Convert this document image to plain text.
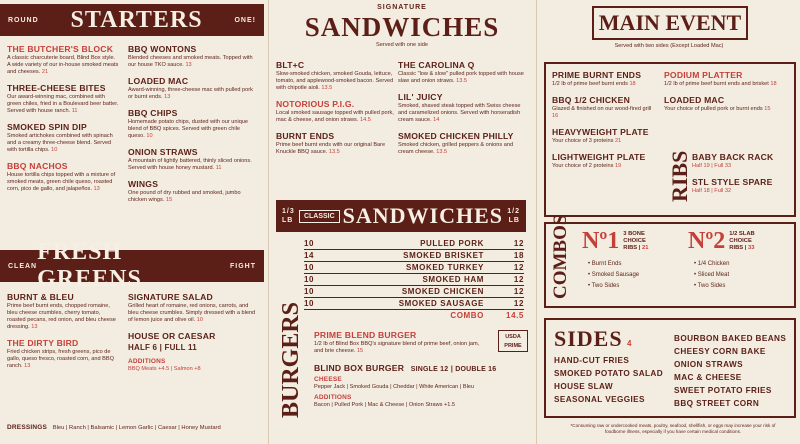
ROUND STARTERS	ONE!
THE BUTCHER'S BLOCK
A classic charcuterie board, Blind Box style. A wide variety of our in-house smoked meats and cheeses. 21
THREE-CHEESE BITES
Our award-winning mac, combined with green chiles, fried in a Boulevard beer batter. Served with house ranch. 11
SMOKED SPIN DIP
Smoked artichokes combined with spinach and a creamy three-cheese blend. Served with tortilla chips. 10
BBQ NACHOS
House tortilla chips topped with a mixture of smoked meats, green chile queso, roasted corn, pico de gallo, and jalapeños. 13
BBQ WONTONS
Blended cheeses and smoked meats. Topped with our house TKO sauce. 13
LOADED MAC
Award-winning, three-cheese mac with pulled pork or burnt ends. 13
BBQ CHIPS
Homemade potato chips, dusted with our unique blend of BBQ spices. Served with green chile queso. 10
ONION STRAWS
A mountain of lightly battered, thinly sliced onions. Served with house honey mustard. 11
WINGS
One pound of dry rubbed and smoked, jumbo chicken wings. 15
CLEAN
FRESH GREENS	FIGHT
BURNT & BLEU
Prime beef burnt ends, chopped romaine, bleu cheese crumbles, cherry tomato, roasted pecans, red onion, and bleu cheese dressing. 13
THE DIRTY BIRD
Fried chicken strips, fresh greens, pico de gallo, queso fresco, roasted corn, and BBQ ranch. 13
SIGNATURE SALAD
Grilled heart of romaine, red onions, carrots, and bleu cheese crumbles. Simply dressed with a blend of lemon juice and olive oil. 10
HOUSE OR CAESAR
HALF 6 | FULL 11
ADDITIONS
BBQ Meats +4.5 | Salmon +8
DRESSINGS Bleu | Ranch | Balsamic | Lemon Garlic | Caesar | Honey Mustard
SIGNATURE
SANDWICHES
Served with one side
BLT+C
Slow-smoked chicken, smoked Gouda, lettuce, tomato, and applewood-smoked bacon. Served with chipotle aioli. 13.5
NOTORIOUS P.I.G.
Local smoked sausage topped with pulled pork, mac & cheese, and onion straws. 14.5
BURNT ENDS
Prime beef burnt ends with our original Bare Knuckle BBQ sauce. 13.5
THE CAROLINA Q
Classic "low & slow" pulled pork topped with house slaw and onion straws. 13.5
LIL' JUICY
Smoked, shaved steak topped with Swiss cheese and caramelized onions. Served with horseradish cream sauce. 14
SMOKED CHICKEN PHILLY
Smoked chicken, grilled peppers & onions and cream cheese. 13.5
1/3 LB
CLASSIC SANDWICHES 1/2 LB
10	PULLED PORK	12
14	SMOKED BRISKET	18
10	SMOKED TURKEY	12
10	SMOKED HAM	12
10	SMOKED CHICKEN	12
10	SMOKED SAUSAGE	12
COMBO	14.5
BURGERS PRIME BLEND BURGER
1/2 lb of Blind Box BBQ's signature blend of prime beef, onion jam, and brie cheese. 15
USDA
PRIME
BLIND BOX BURGER SINGLE 12 | DOUBLE 16
CHEESE
Pepper Jack | Smoked Gouda | Cheddar | White American | Bleu
ADDITIONS
Bacon | Pulled Pork | Mac & Cheese | Onion Straws +1.5
MAIN EVENT
Served with two sides (Except Loaded Mac)
PRIME BURNT ENDS
1/2 lb of prime beef burnt ends 18
BBQ 1/2 CHICKEN
Glazed & finished on our wood-fired grill 16
HEAVYWEIGHT PLATE
Your choice of 3 proteins 21
LIGHTWEIGHT PLATE
Your choice of 2 proteins 19
PODIUM PLATTER
1/2 lb of prime beef burnt ends and brisket 18
LOADED MAC
Your choice of pulled pork or burnt ends 15
RIBS BABY BACK RACK
Half 19 | Full 33
STL STYLE SPARE
Half 18 | Full 32
COMBOS Nº1 3 BONE
CHOICE
RIBS | 21
• Burnt Ends
• Smoked Sausage
• Two Sides
Nº2 1/2 SLAB
CHOICE
RIBS | 33
• 1/4 Chicken
• Sliced Meat
• Two Sides
SIDES 4
HAND-CUT FRIES
SMOKED POTATO SALAD
HOUSE SLAW
SEASONAL VEGGIES
BOURBON BAKED BEANS
CHEESY CORN BAKE
ONION STRAWS
MAC & CHEESE
SWEET POTATO FRIES
BBQ STREET CORN
*Consuming raw or undercooked meats, poultry, seafood, shellfish, or eggs may increase your risk of foodborne illness, especially if you have certain medical conditions.
